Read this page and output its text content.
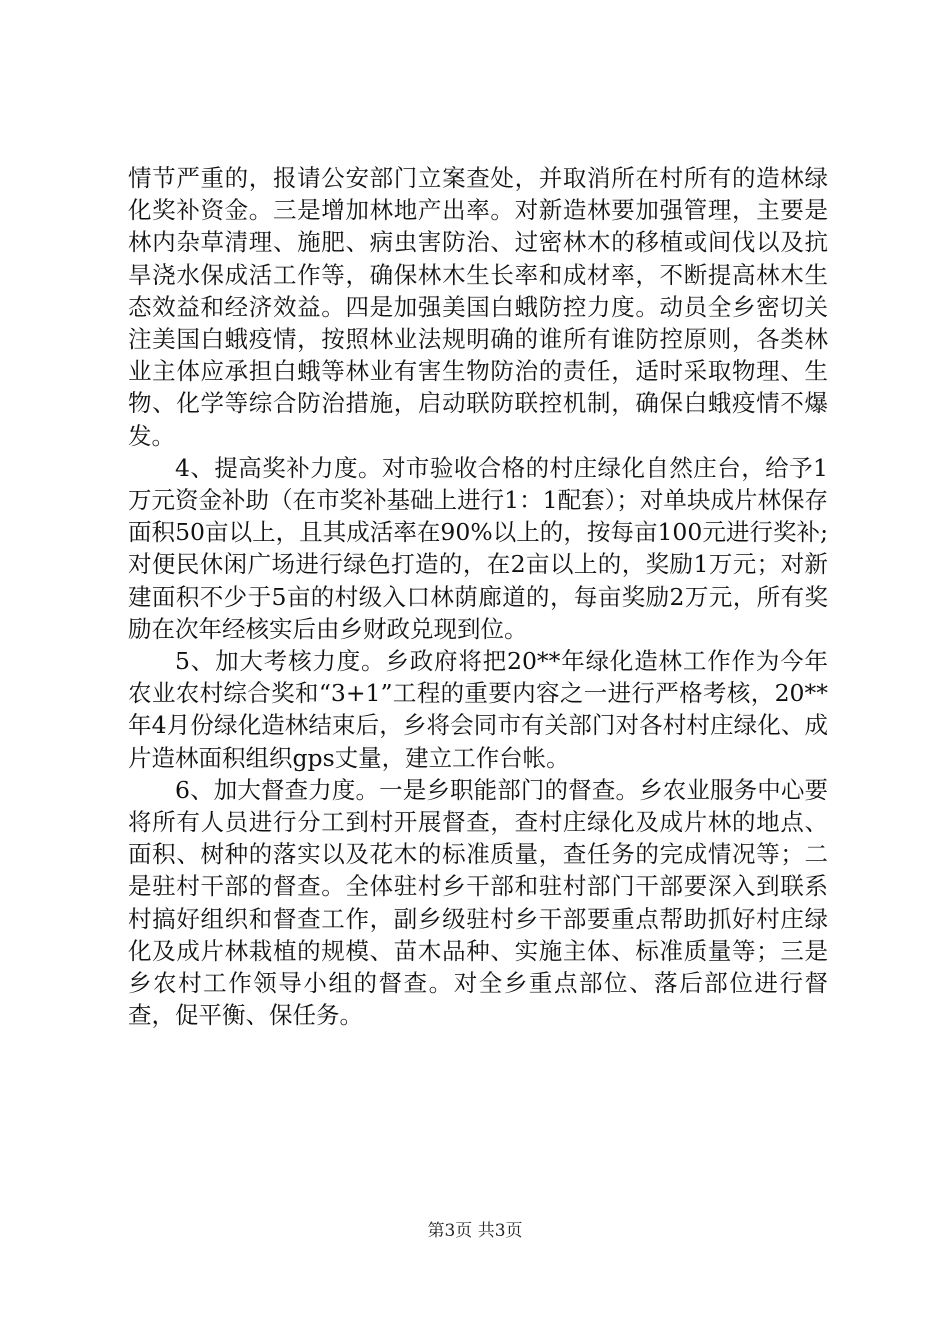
情节严重的，报请公安部门立案查处，并取消所在村所有的造林绿化奖补资金。三是增加林地产出率。对新造林要加强管理，主要是林内杂草清理、施肥、病虫害防治、过密林木的移植或间伐以及抗旱浇水保成活工作等，确保林木生长率和成材率，不断提高林木生态效益和经济效益。四是加强美国白蛾防控力度。动员全乡密切关注美国白蛾疫情，按照林业法规明确的谁所有谁防控原则，各类林业主体应承担白蛾等林业有害生物防治的责任，适时采取物理、生物、化学等综合防治措施，启动联防联控机制，确保白蛾疫情不爆发。

4、提高奖补力度。对市验收合格的村庄绿化自然庄台，给予1万元资金补助（在市奖补基础上进行1：1配套）；对单块成片林保存面积50亩以上，且其成活率在90%以上的，按每亩100元进行奖补;对便民休闲广场进行绿色打造的，在2亩以上的，奖励1万元；对新建面积不少于5亩的村级入口林荫廊道的，每亩奖励2万元，所有奖励在次年经核实后由乡财政兑现到位。

5、加大考核力度。乡政府将把20**年绿化造林工作作为今年农业农村综合奖和“3+1”工程的重要内容之一进行严格考核，20**年4月份绿化造林结束后，乡将会同市有关部门对各村村庄绿化、成片造林面积组织gps丈量，建立工作台帐。

6、加大督查力度。一是乡职能部门的督查。乡农业服务中心要将所有人员进行分工到村开展督查，查村庄绿化及成片林的地点、面积、树种的落实以及花木的标准质量，查任务的完成情况等；二是驻村干部的督查。全体驻村乡干部和驻村部门干部要深入到联系村搞好组织和督查工作，副乡级驻村乡干部要重点帮助抓好村庄绿化及成片林栽植的规模、苗木品种、实施主体、标准质量等；三是乡农村工作领导小组的督查。对全乡重点部位、落后部位进行督查，促平衡、保任务。

第3页 共3页
